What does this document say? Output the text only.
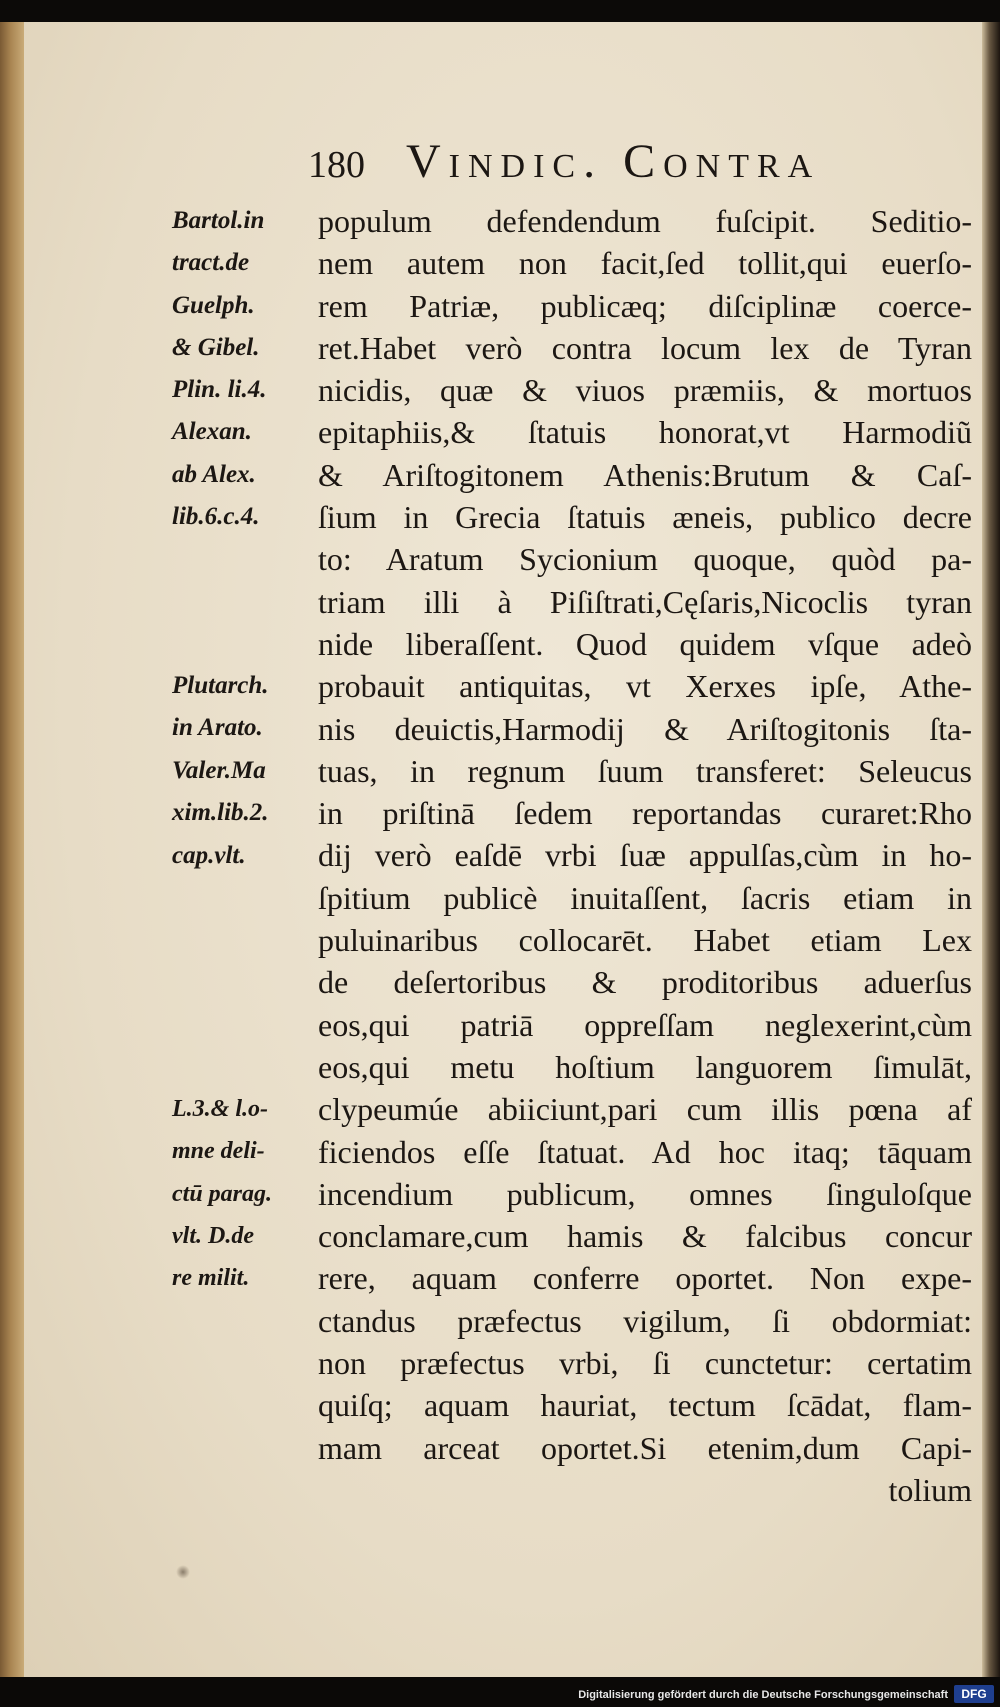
180 Vindic. Contra
populum defendendum fuſcipit. Seditio-
nem autem non facit,ſed tollit,qui euerſo-
rem Patriæ, publicæq; diſciplinæ coerce-
ret.Habet verò contra locum lex de Tyran
nicidis, quæ & viuos præmiis, & mortuos
epitaphiis,& ſtatuis honorat,vt Harmodiũ
& Ariſtogitonem Athenis:Brutum & Caſ-
ſium in Grecia ſtatuis æneis, publico decre
to: Aratum Sycionium quoque, quòd pa-
triam illi à Piſiſtrati,Cęſaris,Nicoclis tyran
nide liberaſſent. Quod quidem vſque adeò
probauit antiquitas, vt Xerxes ipſe, Athe-
nis deuictis,Harmodij & Ariſtogitonis ſta-
tuas, in regnum ſuum transferet: Seleucus
in priſtinā ſedem reportandas curaret:Rho
dij verò eaſdē vrbi ſuæ appulſas,cùm in ho-
ſpitium publicè inuitaſſent, ſacris etiam in
puluinaribus collocarēt. Habet etiam Lex
de deſertoribus & proditoribus aduerſus
eos,qui patriā oppreſſam neglexerint,cùm
eos,qui metu hoſtium languorem ſimulāt,
clypeumúe abiiciunt,pari cum illis pœna af
ficiendos eſſe ſtatuat. Ad hoc itaq; tāquam
incendium publicum, omnes ſinguloſque
conclamare,cum hamis & falcibus concur
rere, aquam conferre oportet. Non expe-
ctandus præfectus vigilum, ſi obdormiat:
non præfectus vrbi, ſi cunctetur: certatim
quiſq; aquam hauriat, tectum ſcādat, flam-
mam arceat oportet.Si etenim,dum Capi-
tolium
Bartol.in
tract.de
Guelph.
& Gibel.
Plin. li.4.
Alexan.
ab Alex.
lib.6.c.4.
Plutarch.
in Arato.
Valer.Ma
xim.lib.2.
cap.vlt.
L.3.& l.o-
mne deli-
ctū parag.
vlt. D.de
re milit.
Digitalisierung gefördert durch die Deutsche Forschungsgemeinschaft	DFG
